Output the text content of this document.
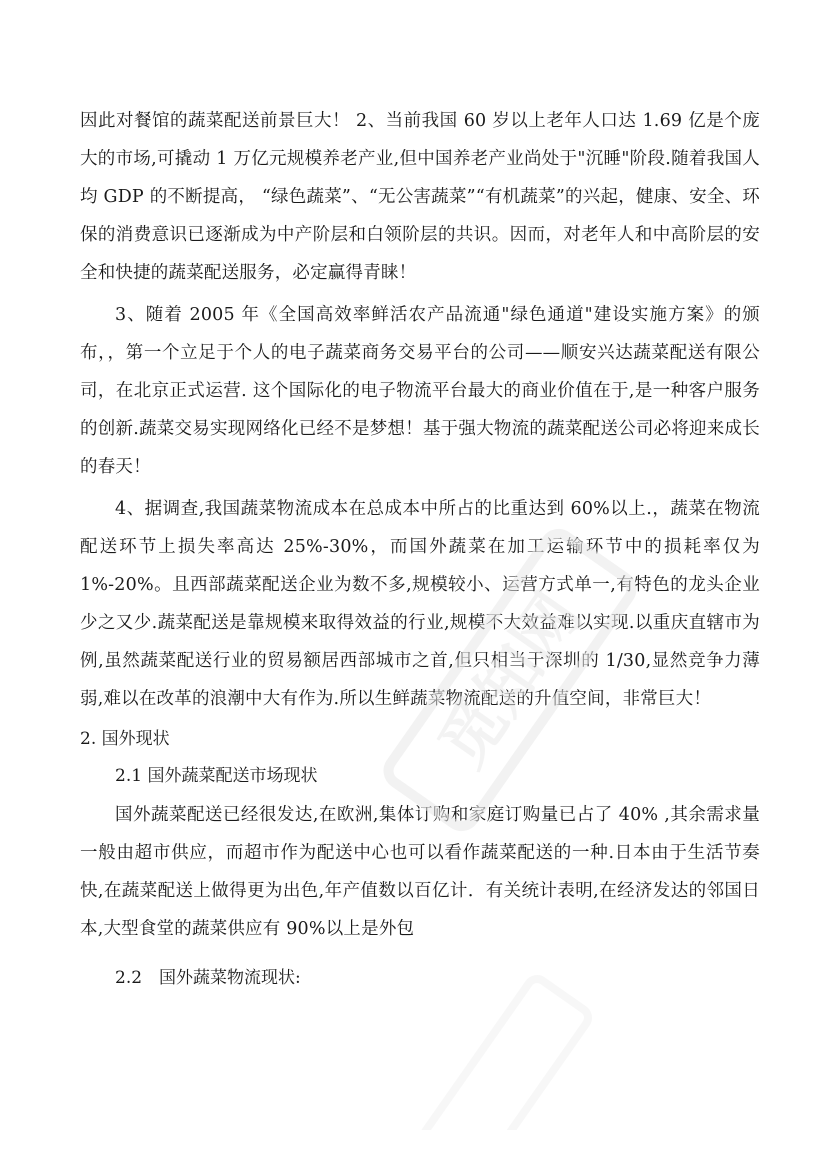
因此对餐馆的蔬菜配送前景巨大！ 2、当前我国 60 岁以上老年人口达 1.69 亿是个庞大的市场,可撬动 1 万亿元规模养老产业,但中国养老产业尚处于"沉睡"阶段.随着我国人均 GDP 的不断提高， “绿色蔬菜”、“无公害蔬菜”“有机蔬菜”的兴起，健康、安全、环保的消费意识已逐渐成为中产阶层和白领阶层的共识。因而，对老年人和中高阶层的安全和快捷的蔬菜配送服务，必定赢得青睐！

3、随着 2005 年《全国高效率鲜活农产品流通"绿色通道"建设实施方案》的颁布，，第一个立足于个人的电子蔬菜商务交易平台的公司——顺安兴达蔬菜配送有限公司，在北京正式运营. 这个国际化的电子物流平台最大的商业价值在于,是一种客户服务的创新.蔬菜交易实现网络化已经不是梦想！基于强大物流的蔬菜配送公司必将迎来成长的春天！

4、据调查,我国蔬菜物流成本在总成本中所占的比重达到 60%以上.，蔬菜在物流配送环节上损失率高达 25%-30%，而国外蔬菜在加工运输环节中的损耗率仅为 1%-20%。且西部蔬菜配送企业为数不多,规模较小、运营方式单一,有特色的龙头企业少之又少.蔬菜配送是靠规模来取得效益的行业,规模不大效益难以实现.以重庆直辖市为例,虽然蔬菜配送行业的贸易额居西部城市之首,但只相当于深圳的 1/30,显然竞争力薄弱,难以在改革的浪潮中大有作为.所以生鲜蔬菜物流配送的升值空间，非常巨大！

2. 国外现状

2.1 国外蔬菜配送市场现状

国外蔬菜配送已经很发达,在欧洲,集体订购和家庭订购量已占了 40% ,其余需求量一般由超市供应，而超市作为配送中心也可以看作蔬菜配送的一种.日本由于生活节奏快,在蔬菜配送上做得更为出色,年产值数以百亿计．有关统计表明,在经济发达的邻国日本,大型食堂的蔬菜供应有 90%以上是外包

2.2　国外蔬菜物流现状:

觅知网
